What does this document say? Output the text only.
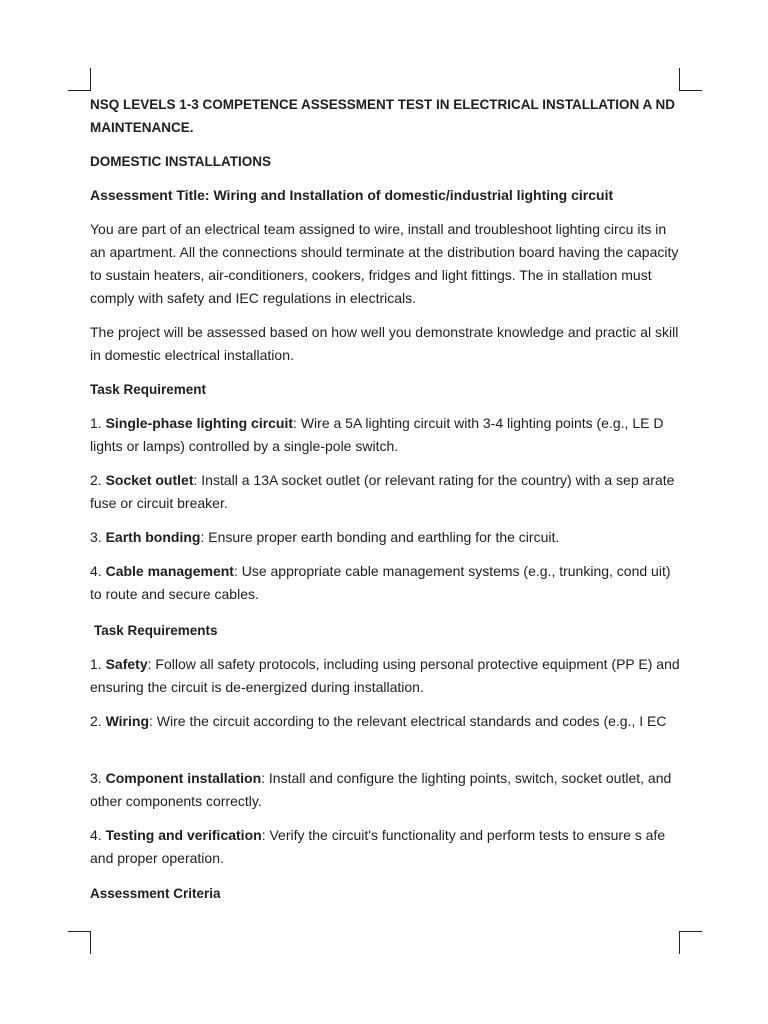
NSQ LEVELS 1-3 COMPETENCE ASSESSMENT TEST IN ELECTRICAL INSTALLATION A ND MAINTENANCE.

DOMESTIC INSTALLATIONS

Assessment Title: Wiring and Installation of domestic/industrial lighting circuit

You are part of an electrical team assigned to wire, install and troubleshoot lighting circu its in an apartment. All the connections should terminate at the distribution board having the capacity to sustain heaters, air-conditioners, cookers, fridges and light fittings. The in stallation must comply with safety and IEC regulations in electricals.

The project will be assessed based on how well you demonstrate knowledge and practic al skill in domestic electrical installation.

Task Requirement

1. Single-phase lighting circuit: Wire a 5A lighting circuit with 3-4 lighting points (e.g., LE D lights or lamps) controlled by a single-pole switch.

2. Socket outlet: Install a 13A socket outlet (or relevant rating for the country) with a sep arate fuse or circuit breaker.

3. Earth bonding: Ensure proper earth bonding and earthling for the circuit.

4. Cable management: Use appropriate cable management systems (e.g., trunking, cond uit) to route and secure cables.

Task Requirements

1. Safety: Follow all safety protocols, including using personal protective equipment (PP E) and ensuring the circuit is de-energized during installation.

2. Wiring: Wire the circuit according to the relevant electrical standards and codes (e.g., I EC

3. Component installation: Install and configure the lighting points, switch, socket outlet, and other components correctly.

4. Testing and verification: Verify the circuit's functionality and perform tests to ensure s afe and proper operation.

Assessment Criteria
